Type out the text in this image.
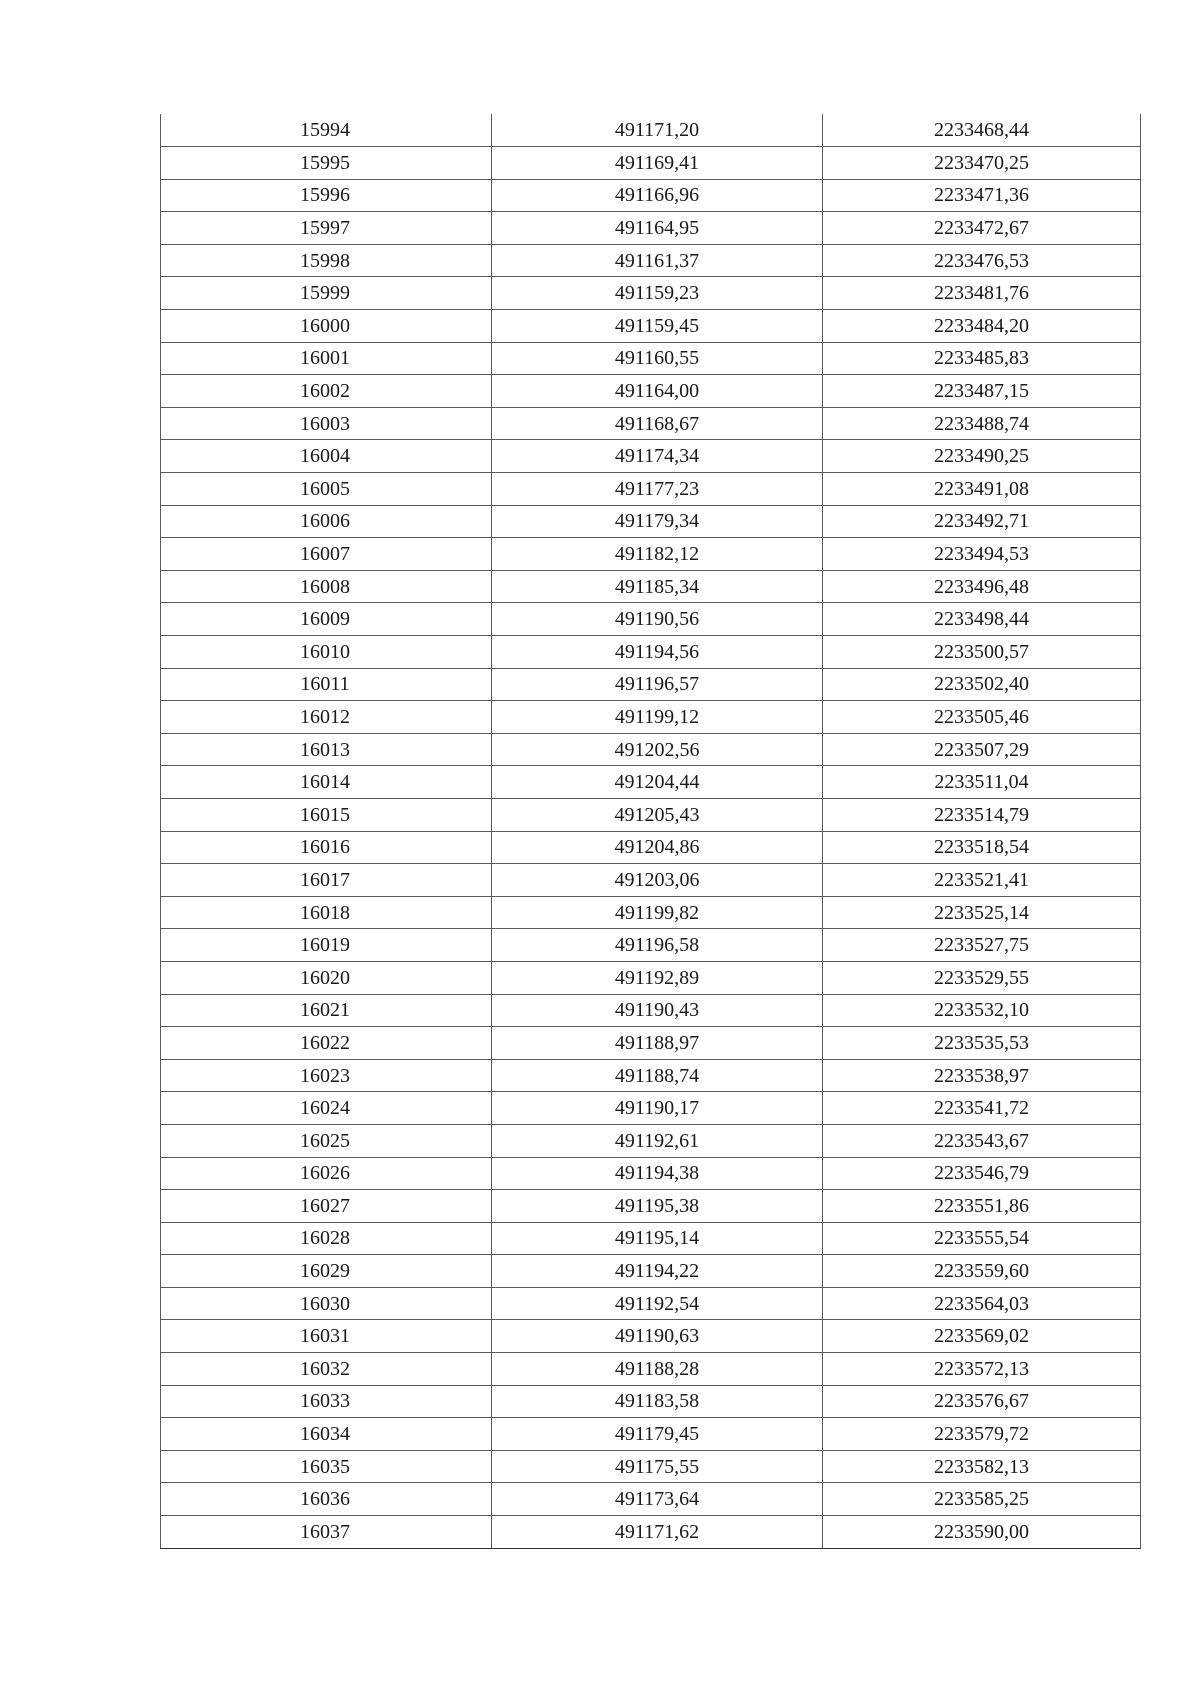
15994	491171,20	2233468,44
15995	491169,41	2233470,25
15996	491166,96	2233471,36
15997	491164,95	2233472,67
15998	491161,37	2233476,53
15999	491159,23	2233481,76
16000	491159,45	2233484,20
16001	491160,55	2233485,83
16002	491164,00	2233487,15
16003	491168,67	2233488,74
16004	491174,34	2233490,25
16005	491177,23	2233491,08
16006	491179,34	2233492,71
16007	491182,12	2233494,53
16008	491185,34	2233496,48
16009	491190,56	2233498,44
16010	491194,56	2233500,57
16011	491196,57	2233502,40
16012	491199,12	2233505,46
16013	491202,56	2233507,29
16014	491204,44	2233511,04
16015	491205,43	2233514,79
16016	491204,86	2233518,54
16017	491203,06	2233521,41
16018	491199,82	2233525,14
16019	491196,58	2233527,75
16020	491192,89	2233529,55
16021	491190,43	2233532,10
16022	491188,97	2233535,53
16023	491188,74	2233538,97
16024	491190,17	2233541,72
16025	491192,61	2233543,67
16026	491194,38	2233546,79
16027	491195,38	2233551,86
16028	491195,14	2233555,54
16029	491194,22	2233559,60
16030	491192,54	2233564,03
16031	491190,63	2233569,02
16032	491188,28	2233572,13
16033	491183,58	2233576,67
16034	491179,45	2233579,72
16035	491175,55	2233582,13
16036	491173,64	2233585,25
16037	491171,62	2233590,00
